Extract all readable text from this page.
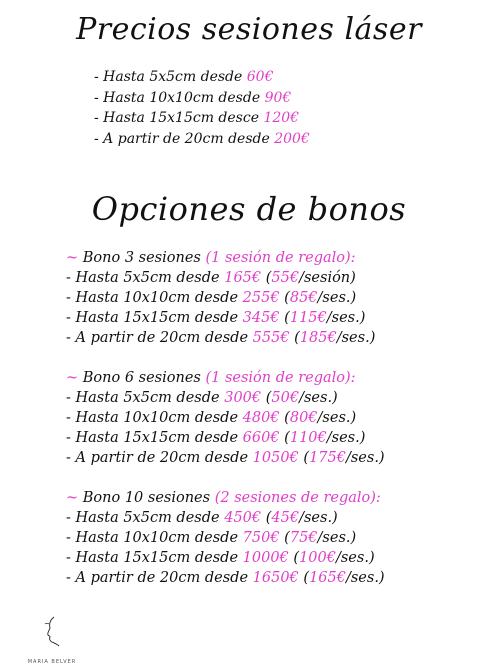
Precios sesiones láser
- Hasta 5x5cm desde 60€
- Hasta 10x10cm desde 90€
- Hasta 15x15cm desce 120€
- A partir de 20cm desde 200€
Opciones de bonos
~ Bono 3 sesiones (1 sesión de regalo):
- Hasta 5x5cm desde 165€ (55€/sesión)
- Hasta 10x10cm desde 255€ (85€/ses.)
- Hasta 15x15cm desde 345€ (115€/ses.)
- A partir de 20cm desde 555€ (185€/ses.)
~ Bono 6 sesiones (1 sesión de regalo):
- Hasta 5x5cm desde 300€ (50€/ses.)
- Hasta 10x10cm desde 480€ (80€/ses.)
- Hasta 15x15cm desde 660€ (110€/ses.)
- A partir de 20cm desde 1050€ (175€/ses.)
~ Bono 10 sesiones (2 sesiones de regalo):
- Hasta 5x5cm desde 450€ (45€/ses.)
- Hasta 10x10cm desde 750€ (75€/ses.)
- Hasta 15x15cm desde 1000€ (100€/ses.)
- A partir de 20cm desde 1650€ (165€/ses.)
MARIA BELVER
